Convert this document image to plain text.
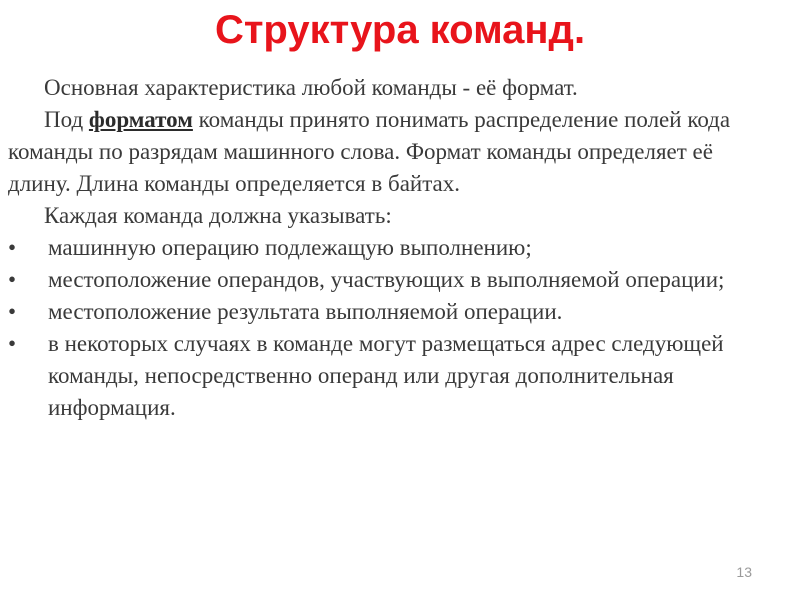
Структура команд.

Основная характеристика любой команды - её формат.

Под форматом команды принято понимать распределение полей кода команды по разрядам машинного слова. Формат команды определяет её длину. Длина команды определяется в байтах.

Каждая команда должна указывать:

•	машинную операцию подлежащую выполнению;
•	местоположение операндов, участвующих в выполняемой операции;
•	местоположение результата выполняемой операции.
•	в некоторых случаях в команде могут размещаться адрес следующей команды, непосредственно операнд или другая дополнительная информация.
13
